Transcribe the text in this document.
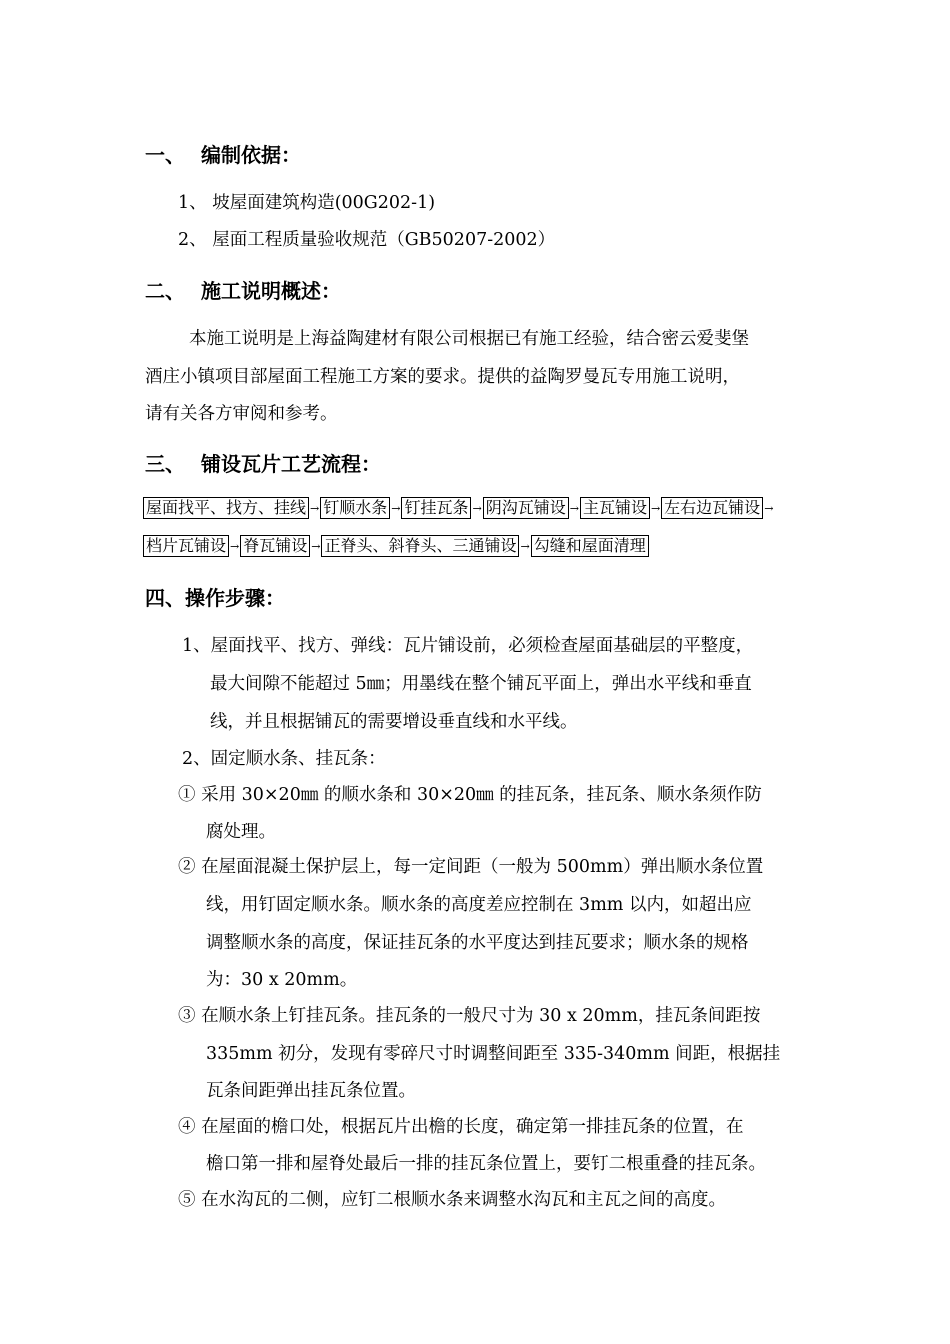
一、 编制依据：
1、 坡屋面建筑构造(00G202-1)
2、 屋面工程质量验收规范（GB50207-2002）
二、 施工说明概述：
本施工说明是上海益陶建材有限公司根据已有施工经验，结合密云爱斐堡
酒庄小镇项目部屋面工程施工方案的要求。提供的益陶罗曼瓦专用施工说明，
请有关各方审阅和参考。
三、 铺设瓦片工艺流程：
屋面找平、找方、挂线 → 钉顺水条 → 钉挂瓦条 → 阴沟瓦铺设 → 主瓦铺设 → 左右边瓦铺设 →
档片瓦铺设 → 脊瓦铺设 → 正脊头、斜脊头、三通铺设 → 勾缝和屋面清理
四、操作步骤：
1、屋面找平、找方、弹线：瓦片铺设前，必须检查屋面基础层的平整度，
最大间隙不能超过 5㎜；用墨线在整个铺瓦平面上，弹出水平线和垂直
线，并且根据铺瓦的需要增设垂直线和水平线。
2、固定顺水条、挂瓦条：
① 采用 30×20㎜ 的顺水条和 30×20㎜ 的挂瓦条，挂瓦条、顺水条须作防
腐处理。
② 在屋面混凝土保护层上，每一定间距（一般为 500mm）弹出顺水条位置
线，用钉固定顺水条。顺水条的高度差应控制在 3mm 以内，如超出应
调整顺水条的高度，保证挂瓦条的水平度达到挂瓦要求；顺水条的规格
为：30 x 20mm。
③ 在顺水条上钉挂瓦条。挂瓦条的一般尺寸为 30 x 20mm，挂瓦条间距按
335mm 初分，发现有零碎尺寸时调整间距至 335-340mm 间距，根据挂
瓦条间距弹出挂瓦条位置。
④ 在屋面的檐口处，根据瓦片出檐的长度，确定第一排挂瓦条的位置，在
檐口第一排和屋脊处最后一排的挂瓦条位置上，要钉二根重叠的挂瓦条。
⑤ 在水沟瓦的二侧，应钉二根顺水条来调整水沟瓦和主瓦之间的高度。
